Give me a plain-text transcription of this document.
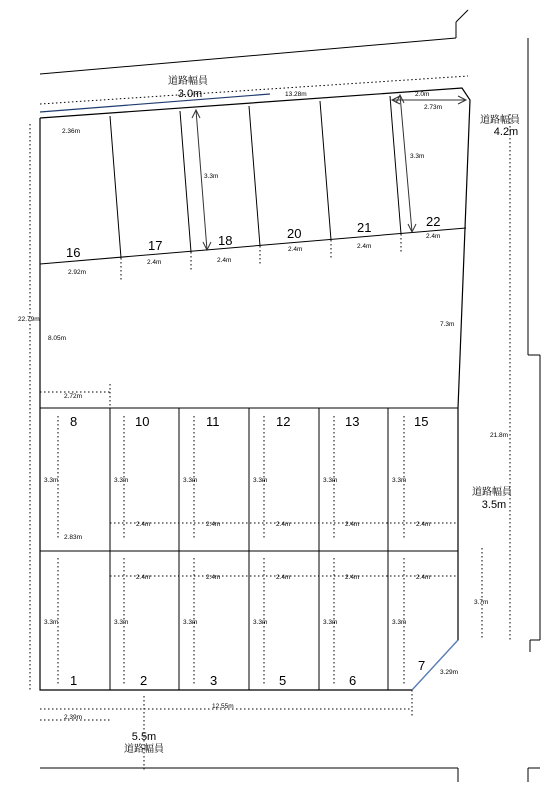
道路幅員
3.0m
道路幅員
4.2m
道路幅員
3.5m
5.5m
道路幅員
16	17	18	20	21	22
13.28m
2.36m
2.0m
2.73m
3.3m
3.3m
2.92m
2.4m	2.4m
2.4m	2.4m
2.4m
22.79m
8.05m
7.3m
2.72m
21.8m
8	10	11	12	13	15
1	2	3	5	6
7
3.3m	3.3m	3.3m	3.3m	3.3m	3.3m
3.3m	3.3m	3.3m	3.3m	3.3m	3.3m
2.83m
2.4m	2.4m	2.4m	2.4m	2.4m
2.4m	2.4m	2.4m	2.4m	2.4m
3.7m
3.29m
12.55m
2.39m
